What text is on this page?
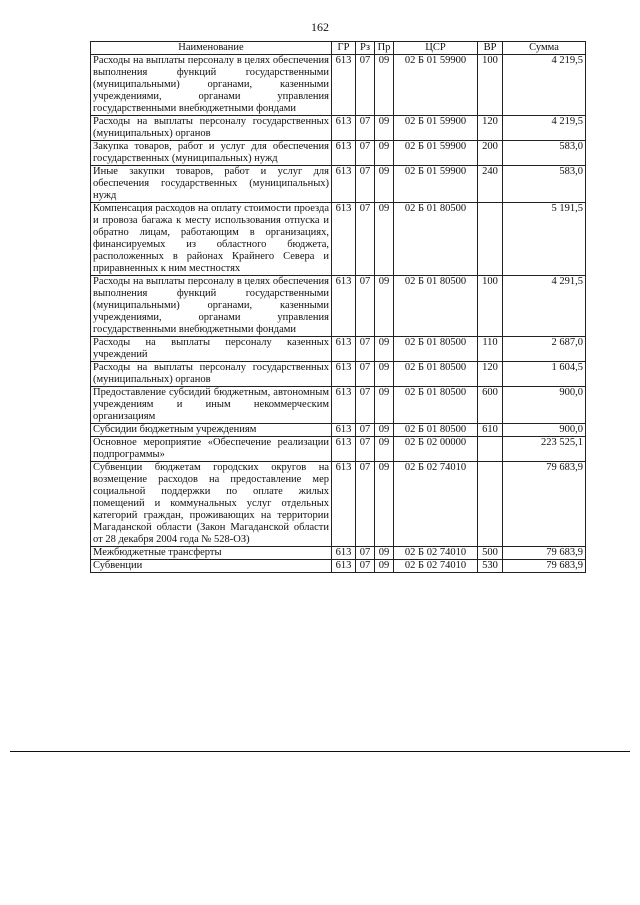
162
Наименование	ГР	Рз	Пр	ЦСР	ВР	Сумма
Расходы на выплаты персоналу в целях обеспечения выполнения функций государственными (муниципальными) органами, казенными учреждениями, органами управления государственными внебюджетными фондами	613	07	09	02 Б 01 59900	100	4 219,5
Расходы на выплаты персоналу государственных (муниципальных) органов	613	07	09	02 Б 01 59900	120	4 219,5
Закупка товаров, работ и услуг для обеспечения государственных (муниципальных) нужд	613	07	09	02 Б 01 59900	200	583,0
Иные закупки товаров, работ и услуг для обеспечения государственных (муниципальных) нужд	613	07	09	02 Б 01 59900	240	583,0
Компенсация расходов на оплату стоимости проезда и провоза багажа к месту использования отпуска и обратно лицам, работающим в организациях, финансируемых из областного бюджета, расположенных в районах Крайнего Севера и приравненных к ним местностях	613	07	09	02 Б 01 80500		5 191,5
Расходы на выплаты персоналу в целях обеспечения выполнения функций государственными (муниципальными) органами, казенными учреждениями, органами управления государственными внебюджетными фондами	613	07	09	02 Б 01 80500	100	4 291,5
Расходы на выплаты персоналу казенных учреждений	613	07	09	02 Б 01 80500	110	2 687,0
Расходы на выплаты персоналу государственных (муниципальных) органов	613	07	09	02 Б 01 80500	120	1 604,5
Предоставление субсидий бюджетным, автономным учреждениям и иным некоммерческим организациям	613	07	09	02 Б 01 80500	600	900,0
Субсидии бюджетным учреждениям	613	07	09	02 Б 01 80500	610	900,0
Основное мероприятие «Обеспечение реализации подпрограммы»	613	07	09	02 Б 02 00000		223 525,1
Субвенции бюджетам городских округов на возмещение расходов на предоставление мер социальной поддержки по оплате жилых помещений и коммунальных услуг отдельных категорий граждан, проживающих на территории Магаданской области (Закон Магаданской области от 28 декабря 2004 года № 528-ОЗ)	613	07	09	02 Б 02 74010		79 683,9
Межбюджетные трансферты	613	07	09	02 Б 02 74010	500	79 683,9
Субвенции	613	07	09	02 Б 02 74010	530	79 683,9
